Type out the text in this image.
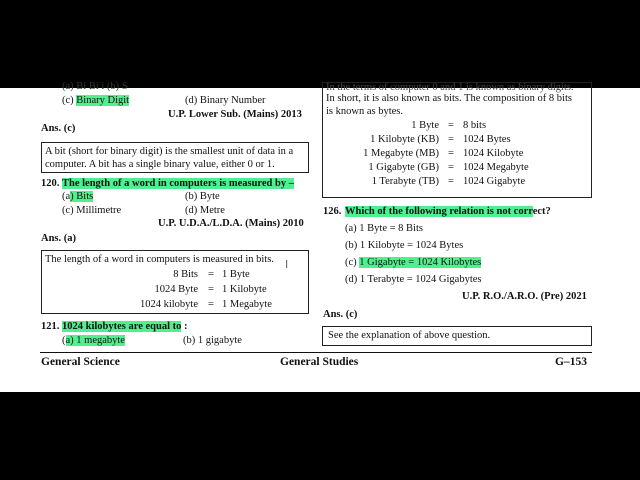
(a) Bi Bi i (b) S
(c) Binary Digit	(d) Binary Number
U.P. Lower Sub. (Mains) 2013
Ans. (c)
A bit (short for binary digit) is the smallest unit of data in a computer. A bit has a single binary value, either 0 or 1.
120. The length of a word in computers is measured by –
(a) Bits	(b) Byte
(c) Millimetre	(d) Metre
U.P. U.D.A./L.D.A. (Mains) 2010
Ans. (a)
The length of a word in computers is measured in bits.
8 Bits = 1 Byte
1024 Byte = 1 Kilobyte
1024 kilobyte = 1 Megabyte
I
121. 1024 kilobytes are equal to :
(a) 1 megabyte	(b) 1 gigabyte
In the terms of computer 0 and 1 is known as binary digits.
In short, it is also known as bits. The composition of 8 bits
is known as bytes.
1 Byte = 8 bits
1 Kilobyte (KB) = 1024 Bytes
1 Megabyte (MB) = 1024 Kilobyte
1 Gigabyte (GB) = 1024 Megabyte
1 Terabyte (TB) = 1024 Gigabyte
126. Which of the following relation is not correct?
(a) 1 Byte = 8 Bits
(b) 1 Kilobyte = 1024 Bytes
(c) 1 Gigabyte = 1024 Kilobytes
(d) 1 Terabyte = 1024 Gigabytes
U.P. R.O./A.R.O. (Pre) 2021
Ans. (c)
See the explanation of above question.
General Science	General Studies	G–153
